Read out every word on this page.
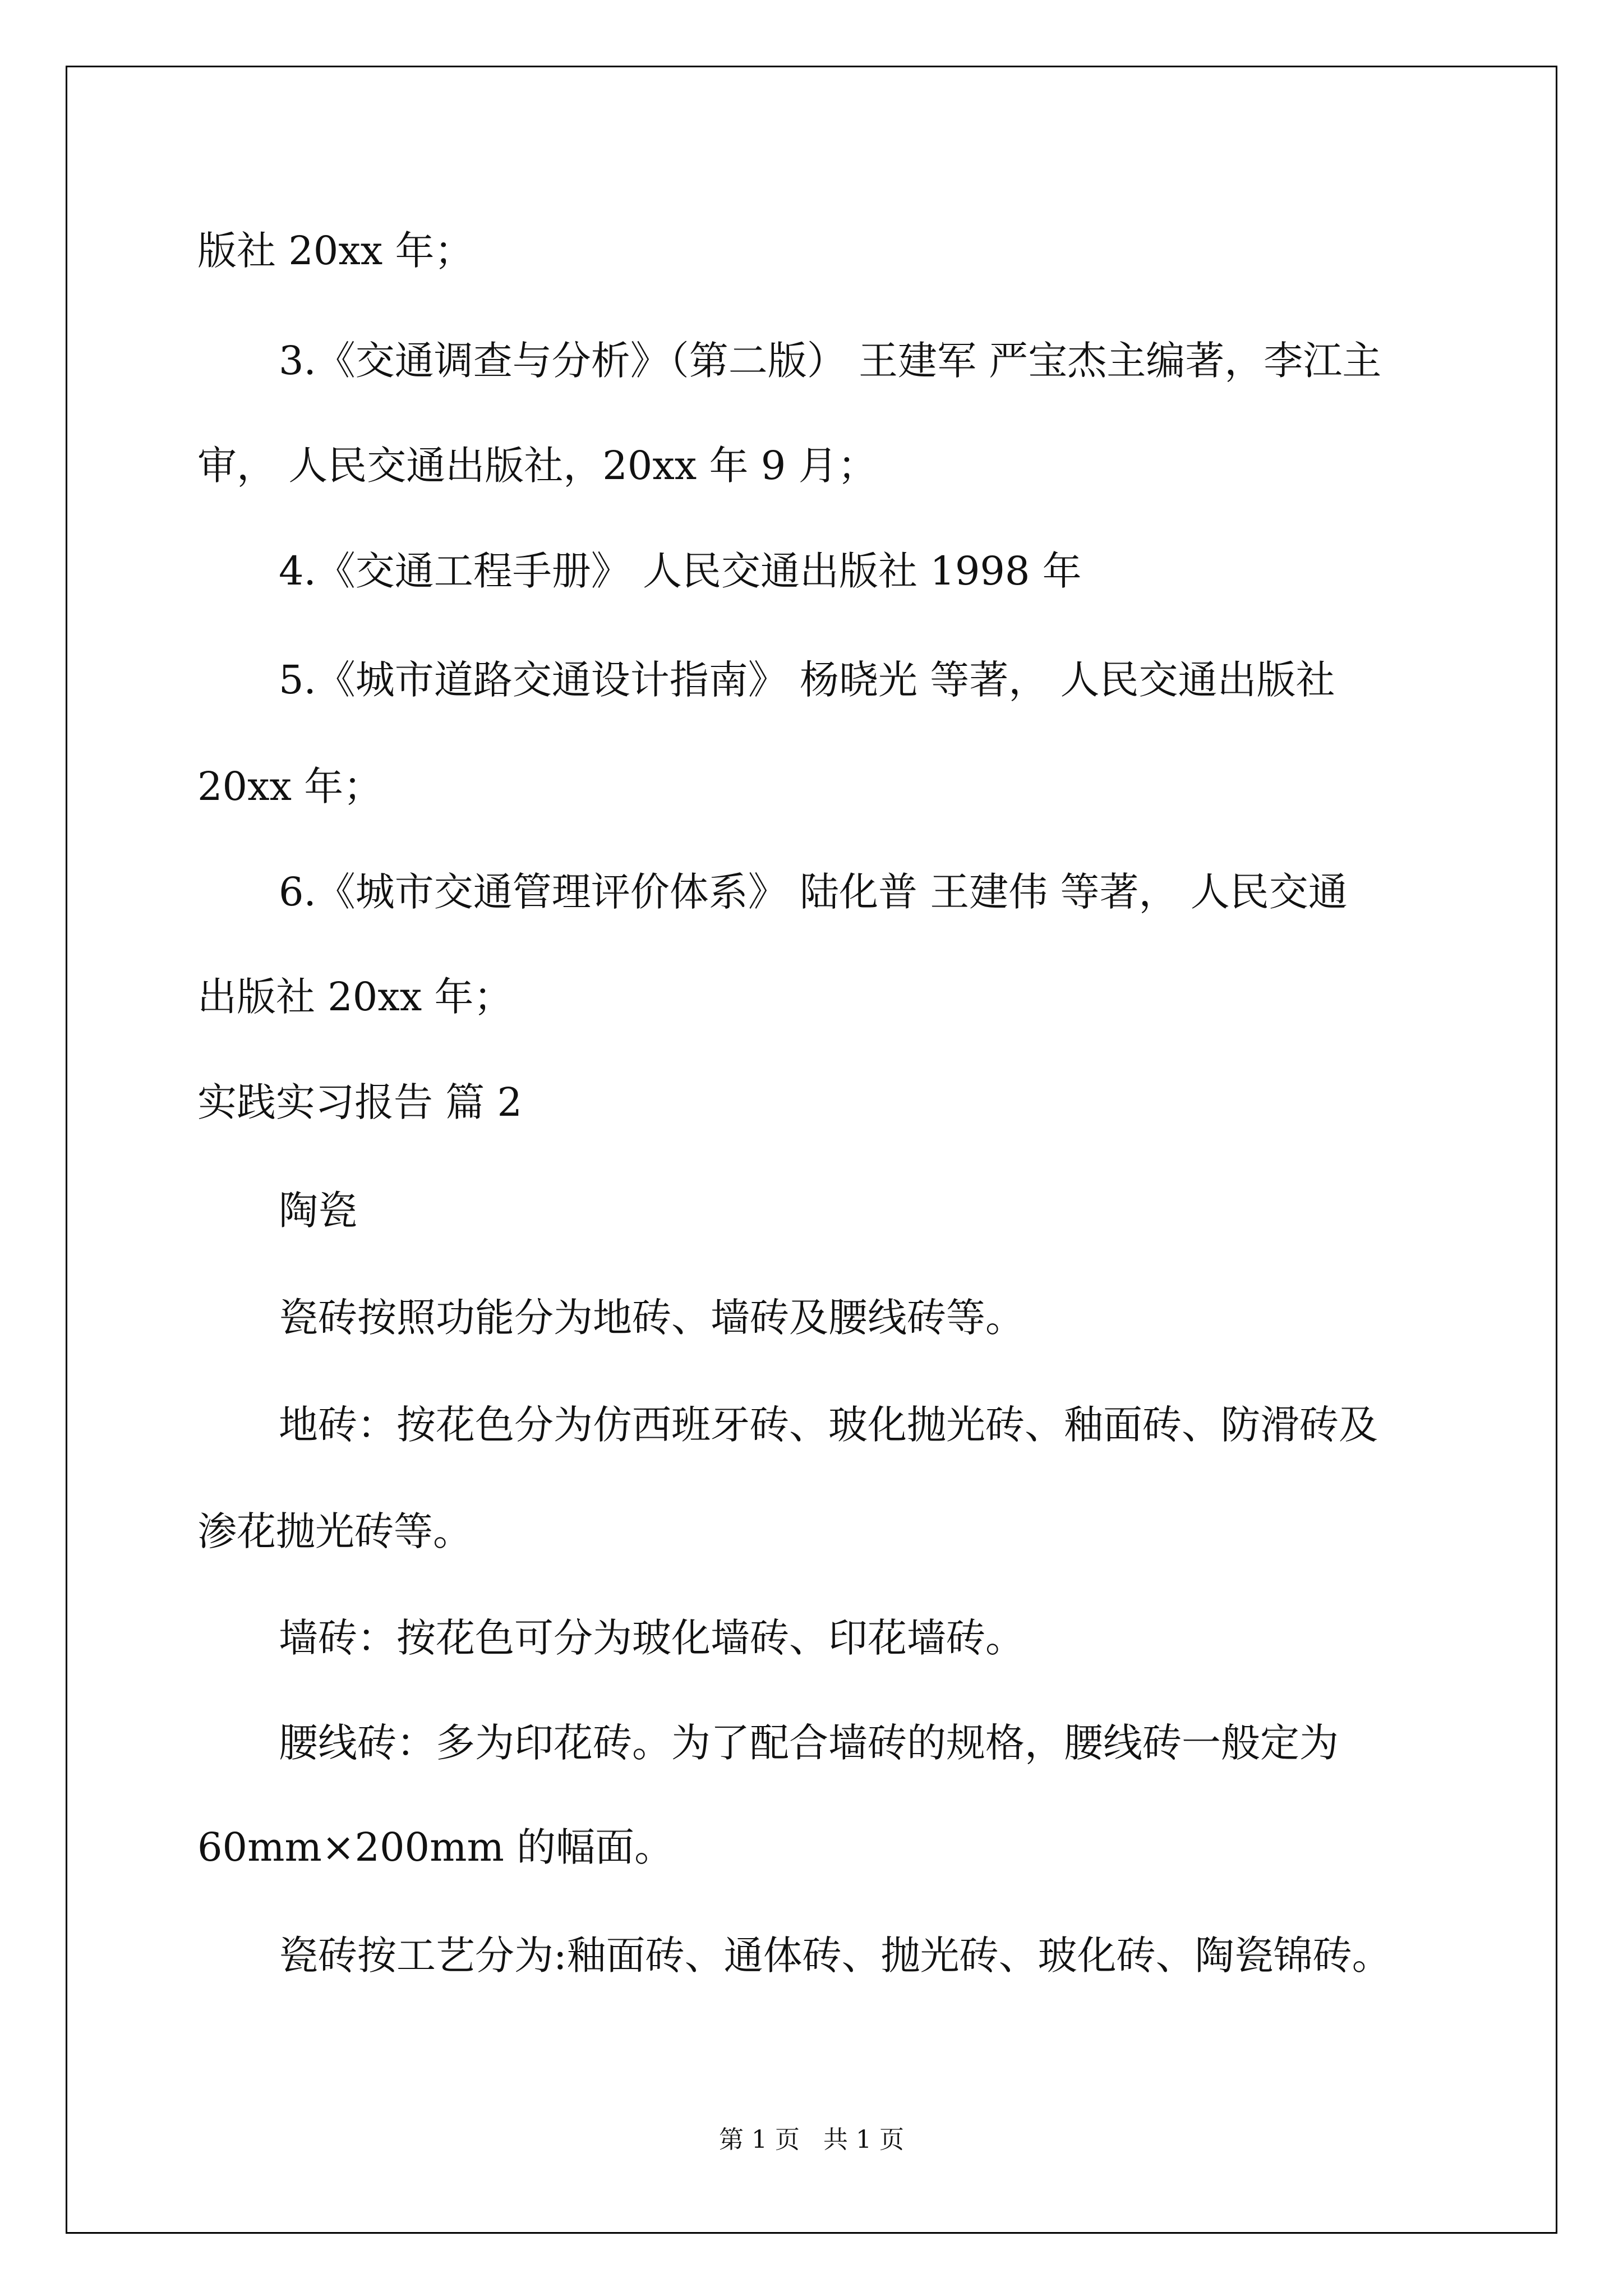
版社 20xx 年；
3.《交通调查与分析》（第二版） 王建军 严宝杰主编著，李江主
审， 人民交通出版社，20xx 年 9 月；
4.《交通工程手册》 人民交通出版社 1998 年
5.《城市道路交通设计指南》 杨晓光 等著， 人民交通出版社
20xx 年；
6.《城市交通管理评价体系》 陆化普 王建伟 等著， 人民交通
出版社 20xx 年；
实践实习报告 篇 2
陶瓷
瓷砖按照功能分为地砖、墙砖及腰线砖等。
地砖：按花色分为仿西班牙砖、玻化抛光砖、釉面砖、防滑砖及
渗花抛光砖等。
墙砖：按花色可分为玻化墙砖、印花墙砖。
腰线砖：多为印花砖。为了配合墙砖的规格，腰线砖一般定为
60mm×200mm 的幅面。
瓷砖按工艺分为:釉面砖、通体砖、抛光砖、玻化砖、陶瓷锦砖。
第 1 页   共 1 页
